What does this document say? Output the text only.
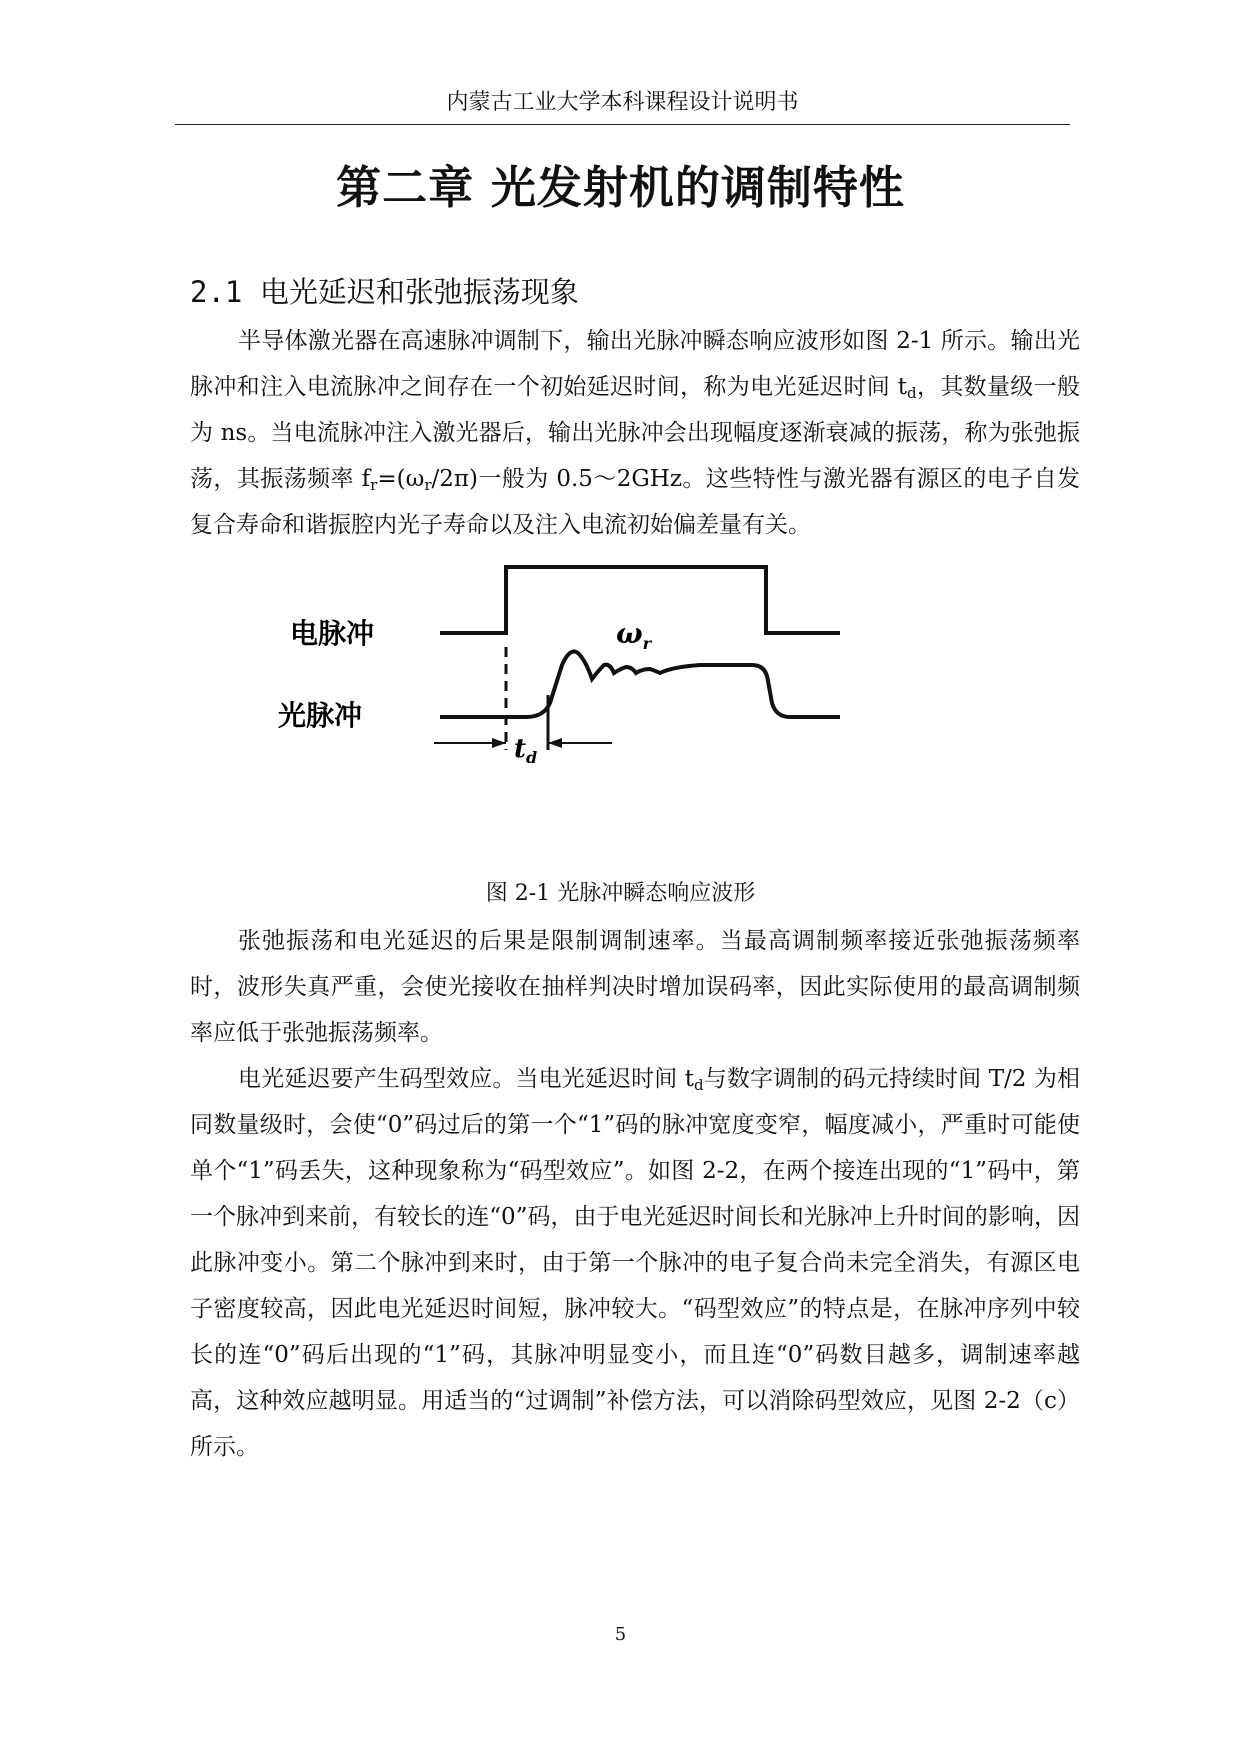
内蒙古工业大学本科课程设计说明书
第二章 光发射机的调制特性
2.1 电光延迟和张弛振荡现象

半导体激光器在高速脉冲调制下，输出光脉冲瞬态响应波形如图 2-1 所示。输出光脉冲和注入电流脉冲之间存在一个初始延迟时间，称为电光延迟时间 $t_d$，其数量级一般为 ns。当电流脉冲注入激光器后，输出光脉冲会出现幅度逐渐衰减的振荡，称为张弛振荡，其振荡频率 $f_r=(\omega_r/2\pi)$一般为 0.5～2GHz。这些特性与激光器有源区的电子自发复合寿命和谐振腔内光子寿命以及注入电流初始偏差量有关。

电脉冲
光脉冲
$\omega_r$
$t_d$
图 2-1 光脉冲瞬态响应波形

张弛振荡和电光延迟的后果是限制调制速率。当最高调制频率接近张弛振荡频率时，波形失真严重，会使光接收在抽样判决时增加误码率，因此实际使用的最高调制频率应低于张弛振荡频率。

电光延迟要产生码型效应。当电光延迟时间 $t_d$与数字调制的码元持续时间 T/2 为相同数量级时，会使“0”码过后的第一个“1”码的脉冲宽度变窄，幅度减小，严重时可能使单个“1”码丢失，这种现象称为“码型效应”。如图 2-2，在两个接连出现的“1”码中，第一个脉冲到来前，有较长的连“0”码，由于电光延迟时间长和光脉冲上升时间的影响，因此脉冲变小。第二个脉冲到来时，由于第一个脉冲的电子复合尚未完全消失，有源区电子密度较高，因此电光延迟时间短，脉冲较大。“码型效应”的特点是，在脉冲序列中较长的连“0”码后出现的“1”码，其脉冲明显变小，而且连“0”码数目越多，调制速率越高，这种效应越明显。用适当的“过调制”补偿方法，可以消除码型效应，见图 2-2（c）所示。

5
